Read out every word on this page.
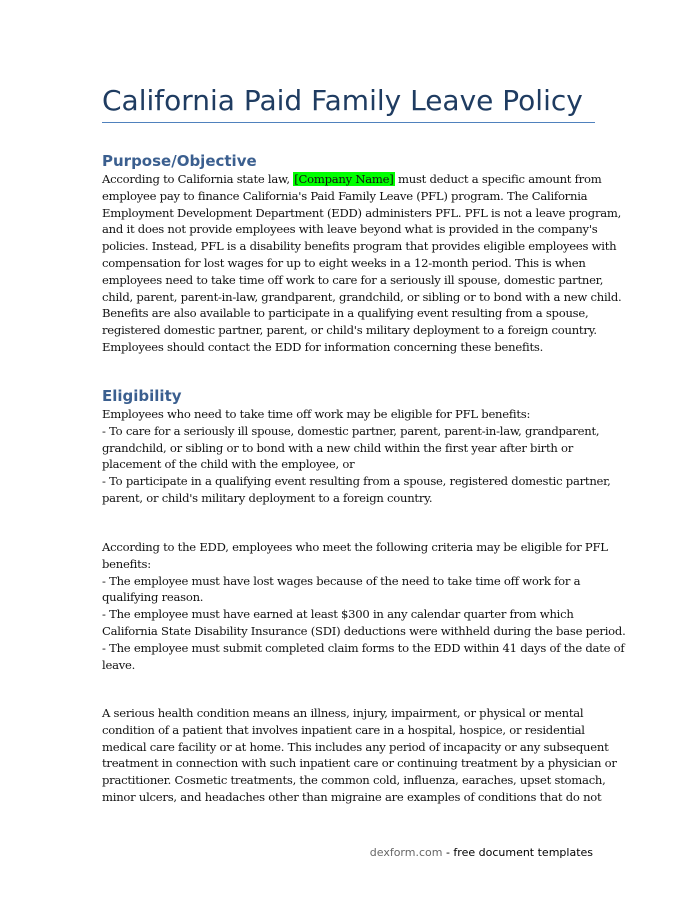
California Paid Family Leave Policy
Purpose/Objective
According to California state law, [Company Name] must deduct a specific amount from
employee pay to finance California's Paid Family Leave (PFL) program. The California
Employment Development Department (EDD) administers PFL. PFL is not a leave program,
and it does not provide employees with leave beyond what is provided in the company's
policies. Instead, PFL is a disability benefits program that provides eligible employees with
compensation for lost wages for up to eight weeks in a 12-month period. This is when
employees need to take time off work to care for a seriously ill spouse, domestic partner,
child, parent, parent-in-law, grandparent, grandchild, or sibling or to bond with a new child.
Benefits are also available to participate in a qualifying event resulting from a spouse,
registered domestic partner, parent, or child's military deployment to a foreign country.
Employees should contact the EDD for information concerning these benefits.
Eligibility
Employees who need to take time off work may be eligible for PFL benefits:
- To care for a seriously ill spouse, domestic partner, parent, parent-in-law, grandparent,
grandchild, or sibling or to bond with a new child within the first year after birth or
placement of the child with the employee, or
- To participate in a qualifying event resulting from a spouse, registered domestic partner,
parent, or child's military deployment to a foreign country.
According to the EDD, employees who meet the following criteria may be eligible for PFL
benefits:
- The employee must have lost wages because of the need to take time off work for a
qualifying reason.
- The employee must have earned at least $300 in any calendar quarter from which
California State Disability Insurance (SDI) deductions were withheld during the base period.
- The employee must submit completed claim forms to the EDD within 41 days of the date of
leave.
A serious health condition means an illness, injury, impairment, or physical or mental
condition of a patient that involves inpatient care in a hospital, hospice, or residential
medical care facility or at home. This includes any period of incapacity or any subsequent
treatment in connection with such inpatient care or continuing treatment by a physician or
practitioner. Cosmetic treatments, the common cold, influenza, earaches, upset stomach,
minor ulcers, and headaches other than migraine are examples of conditions that do not
dexform.com - free document templates
